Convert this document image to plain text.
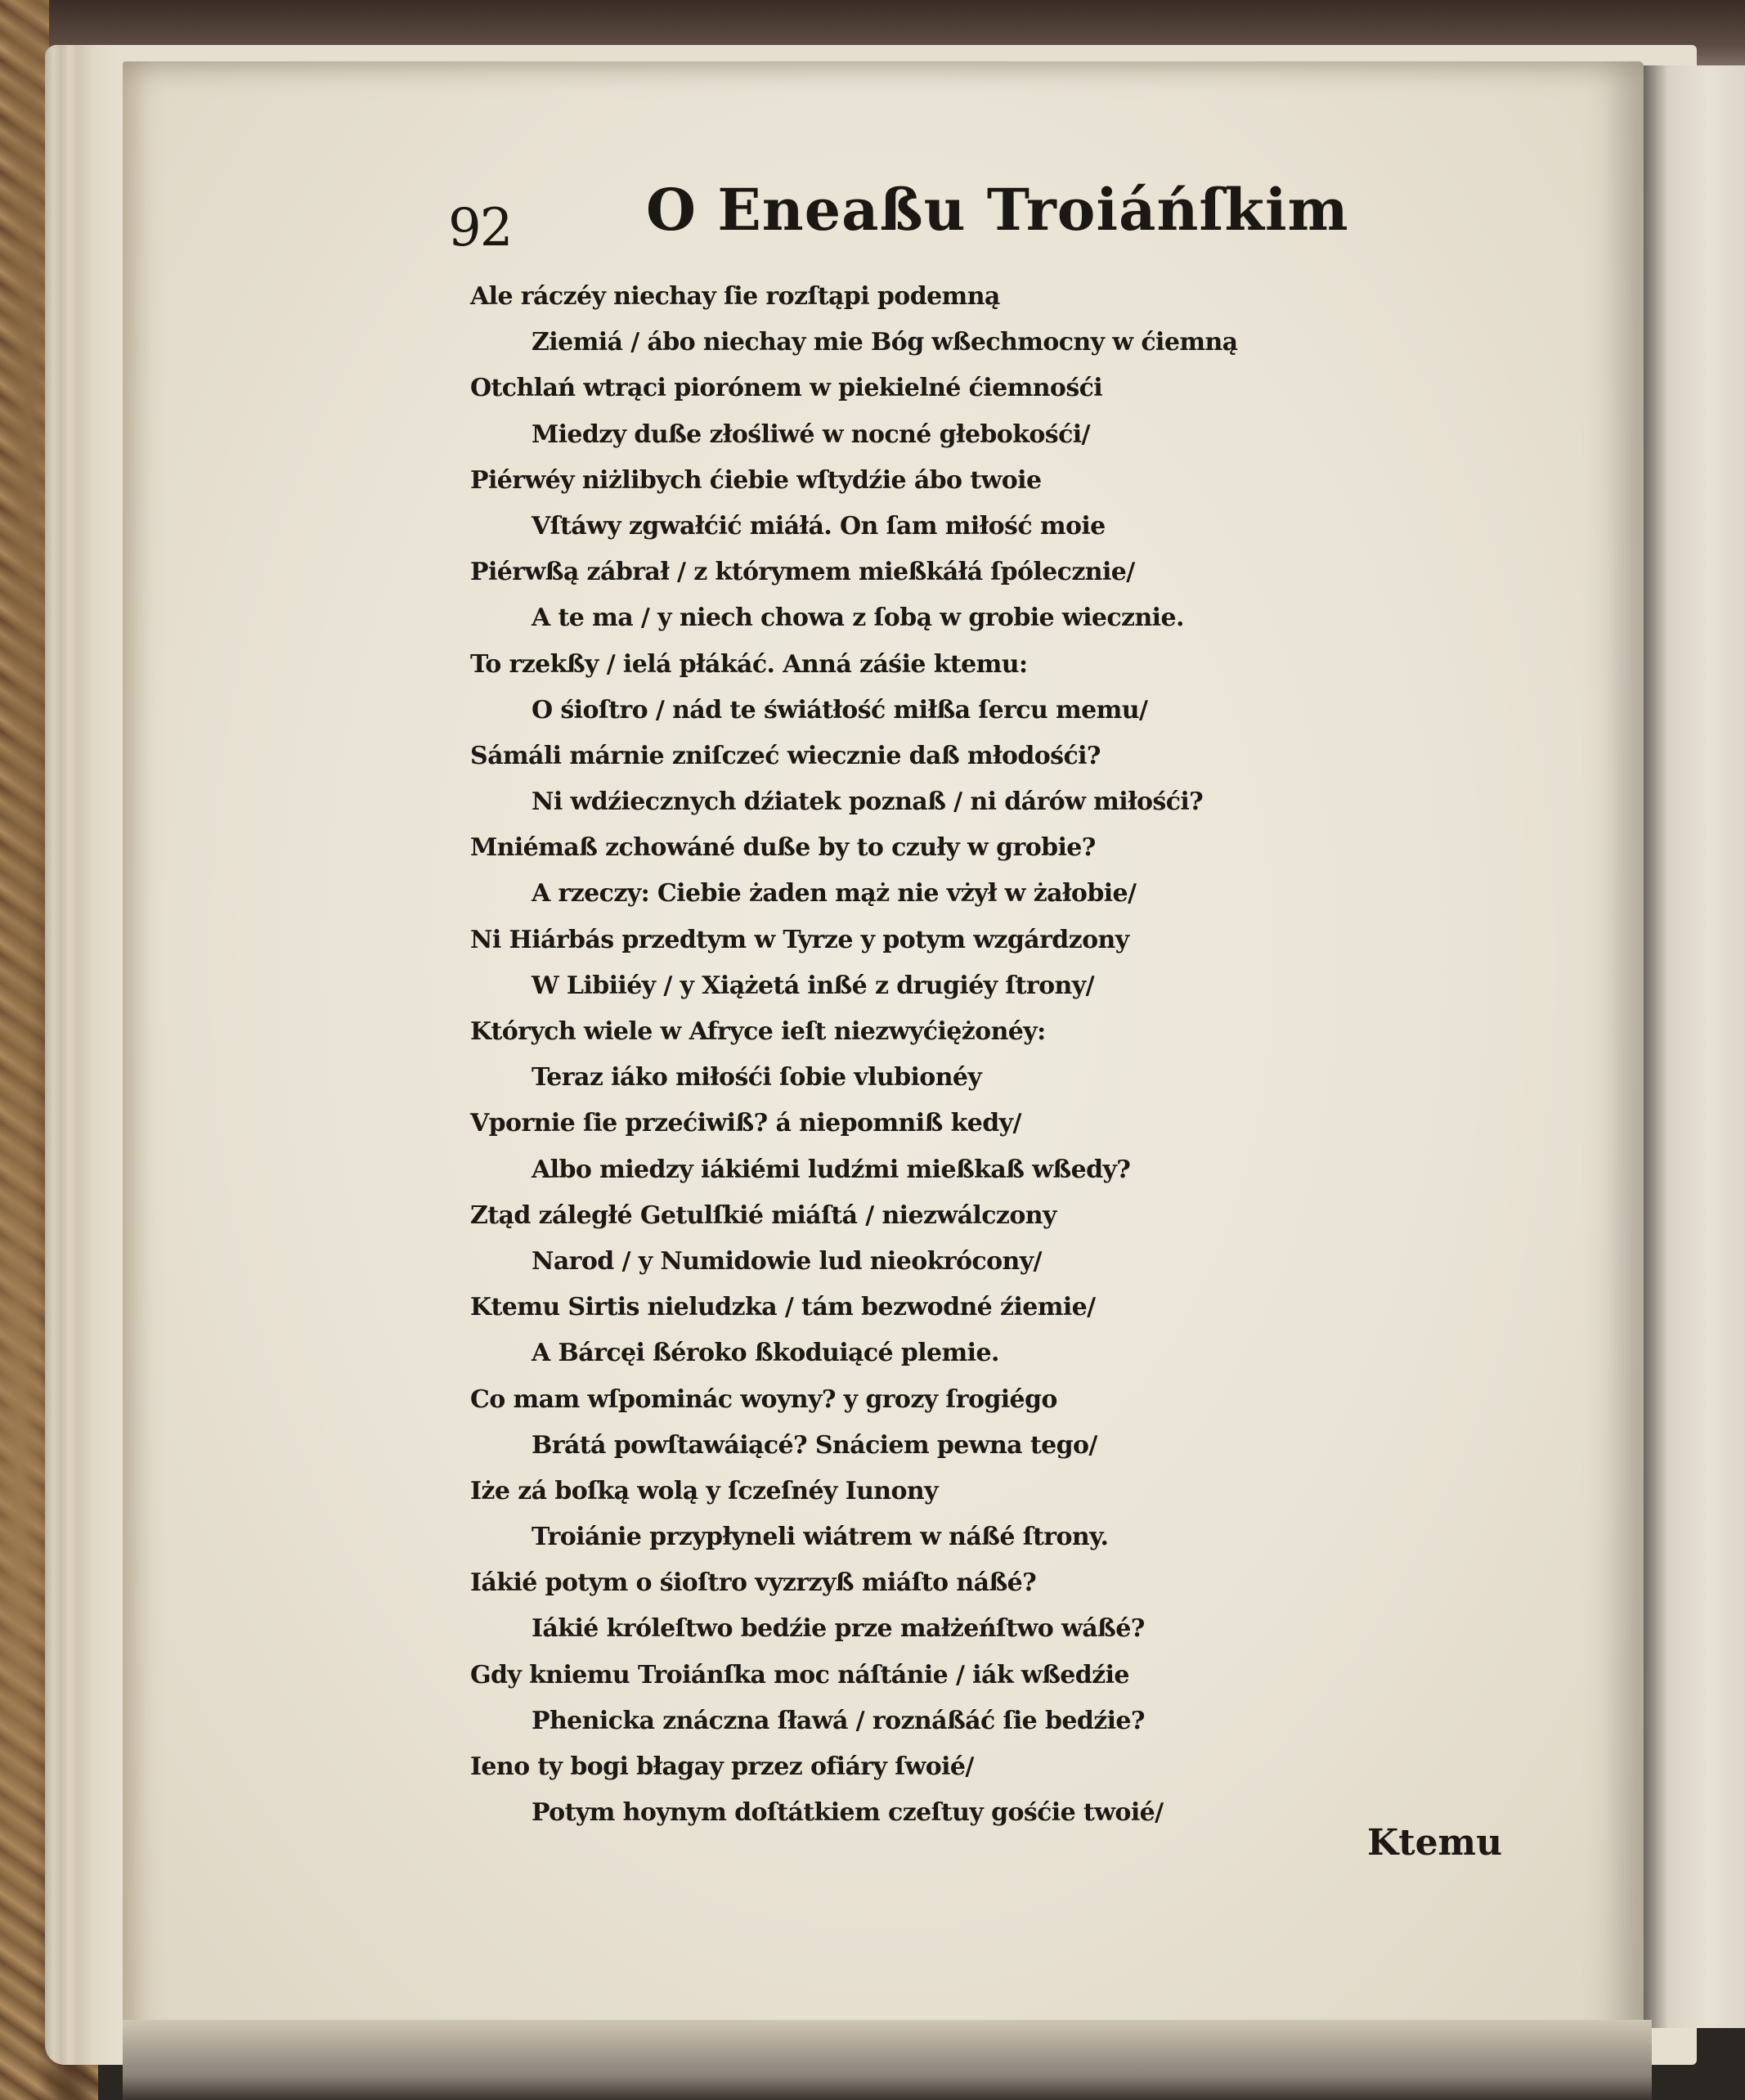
92 O Eneaßu Troiáńſkim
Ale ráczéy niechay ſie rozſtąpi podemną
Ziemiá / ábo niechay mie Bóg wßechmocny w ćiemną
Otchlań wtrąci piorónem w piekielné ćiemnośći
Miedzy duße złośliwé w nocné głebokośći/
Piérwéy niżlibych ćiebie wſtydźie ábo twoie
Vſtáwy zgwałćić miáłá. On ſam miłość moie
Piérwßą zábrał / z którymem mießkáłá ſpólecznie/
A te ma / y niech chowa z ſobą w grobie wiecznie.
To rzekßy / ielá płákáć. Anná záśie ktemu:
O śioſtro / nád te świátłość miłßa ſercu memu/
Sámáli márnie zniſczeć wiecznie daß młodośći?
Ni wdźiecznych dźiatek poznaß / ni dárów miłośći?
Mniémaß zchowáné duße by to czuły w grobie?
A rzeczy: Ciebie żaden mąż nie vżył w żałobie/
Ni Hiárbás przedtym w Tyrze y potym wzgárdzony
W Libiiéy / y Xiążetá inßé z drugiéy ſtrony/
Których wiele w Afryce ieſt niezwyćiężonéy:
Teraz iáko miłośći ſobie vlubionéy
Vpornie ſie przećiwiß? á niepomniß kedy/
Albo miedzy iákiémi ludźmi mießkaß wßedy?
Ztąd záległé Getulſkié miáſtá / niezwálczony
Narod / y Numidowie lud nieokrócony/
Ktemu Sirtis nieludzka / tám bezwodné źiemie/
A Bárcęi ßéroko ßkoduiącé plemie.
Co mam wſpominác woyny? y grozy ſrogiégo
Brátá powſtawáiącé? Snáciem pewna tego/
Iże zá boſką wolą y ſczeſnéy Iunony
Troiánie przypłyneli wiátrem w náßé ſtrony.
Iákié potym o śioſtro vyzrzyß miáſto náßé?
Iákié króleſtwo bedźie prze małżeńſtwo wáßé?
Gdy kniemu Troiánſka moc náſtánie / iák wßedźie
Phenicka znáczna ſławá / roznáßáć ſie bedźie?
Ieno ty bogi błagay przez ofiáry ſwoié/
Potym hoynym doſtátkiem czeſtuy gośćie twoié/
Ktemu
